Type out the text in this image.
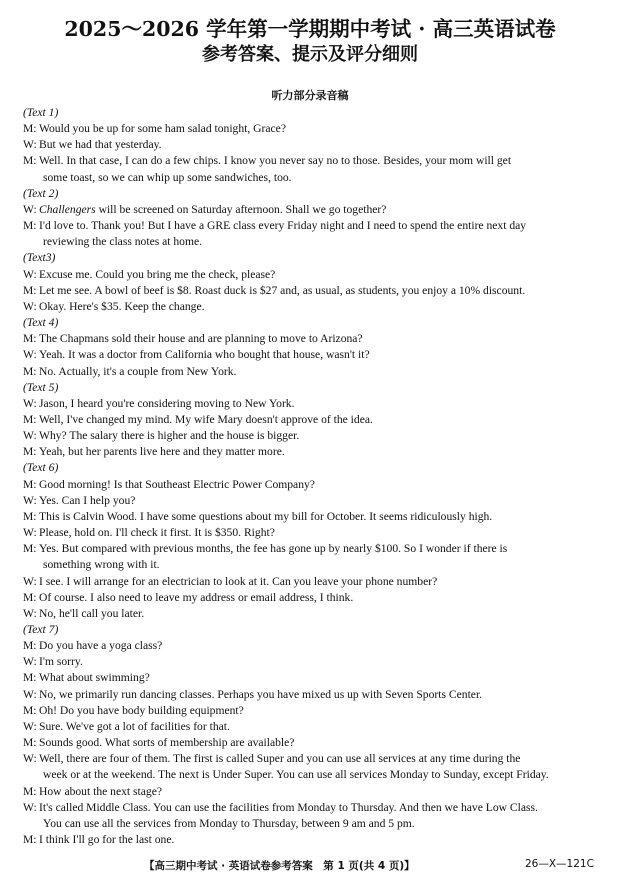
2025～2026 学年第一学期期中考试 · 高三英语试卷
参考答案、提示及评分细则
听力部分录音稿
(Text 1)
M: Would you be up for some ham salad tonight, Grace?
W: But we had that yesterday.
M: Well. In that case, I can do a few chips. I know you never say no to those. Besides, your mom will get
some toast, so we can whip up some sandwiches, too.
(Text 2)
W: Challengers will be screened on Saturday afternoon. Shall we go together?
M: I'd love to. Thank you! But I have a GRE class every Friday night and I need to spend the entire next day
reviewing the class notes at home.
(Text3)
W: Excuse me. Could you bring me the check, please?
M: Let me see. A bowl of beef is $8. Roast duck is $27 and, as usual, as students, you enjoy a 10% discount.
W: Okay. Here's $35. Keep the change.
(Text 4)
M: The Chapmans sold their house and are planning to move to Arizona?
W: Yeah. It was a doctor from California who bought that house, wasn't it?
M: No. Actually, it's a couple from New York.
(Text 5)
W: Jason, I heard you're considering moving to New York.
M: Well, I've changed my mind. My wife Mary doesn't approve of the idea.
W: Why? The salary there is higher and the house is bigger.
M: Yeah, but her parents live here and they matter more.
(Text 6)
M: Good morning! Is that Southeast Electric Power Company?
W: Yes. Can I help you?
M: This is Calvin Wood. I have some questions about my bill for October. It seems ridiculously high.
W: Please, hold on. I'll check it first. It is $350. Right?
M: Yes. But compared with previous months, the fee has gone up by nearly $100. So I wonder if there is
something wrong with it.
W: I see. I will arrange for an electrician to look at it. Can you leave your phone number?
M: Of course. I also need to leave my address or email address, I think.
W: No, he'll call you later.
(Text 7)
M: Do you have a yoga class?
W: I'm sorry.
M: What about swimming?
W: No, we primarily run dancing classes. Perhaps you have mixed us up with Seven Sports Center.
M: Oh! Do you have body building equipment?
W: Sure. We've got a lot of facilities for that.
M: Sounds good. What sorts of membership are available?
W: Well, there are four of them. The first is called Super and you can use all services at any time during the
week or at the weekend. The next is Under Super. You can use all services Monday to Sunday, except Friday.
M: How about the next stage?
W: It's called Middle Class. You can use the facilities from Monday to Thursday. And then we have Low Class.
You can use all the services from Monday to Thursday, between 9 am and 5 pm.
M: I think I'll go for the last one.
【高三期中考试 · 英语试卷参考答案　第 1 页(共 4 页)】	26—X—121C
